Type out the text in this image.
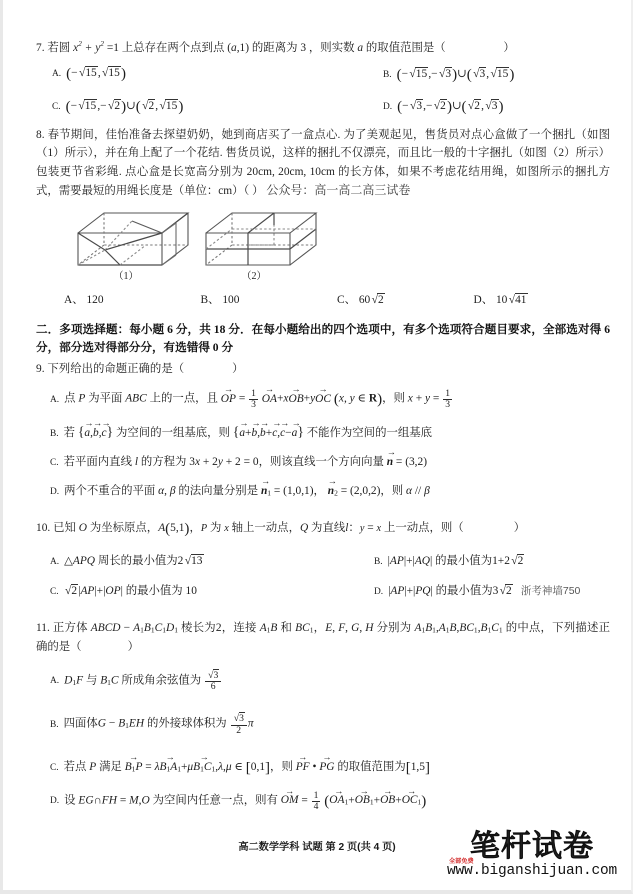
7. 若圆 $x^2 + y^2 =1$ 上总存在两个点到点 (a,1) 的距离为 3 ，则实数 a 的取值范围是（	）
A. (−√15,√15)	B. (−√15,−√3)∪(√3,√15)
C. (−√15,−√2)∪(√2,√15)	D. (−√3,−√2)∪(√2,√3)
8. 春节期间，佳怡准备去探望奶奶，她到商店买了一盒点心. 为了美观起见，售货员对点心盒做了一个捆扎（如图（1）所示），并在角上配了一个花结. 售货员说，这样的捆扎不仅漂亮，而且比一般的十字捆扎（如图（2）所示）包装更节省彩绳. 点心盒是长宽高分别为 20cm, 20cm, 10cm 的长方体，如果不考虑花结用绳，如图所示的捆扎方式，需要最短的用绳长度是（单位：cm）（ ） 公众号：高一高二高三试卷
（1）	（2）
A、 120	B、 100	C、 60√2	D、 10√41
二．多项选择题：每小题 6 分，共 18 分．在每小题给出的四个选项中，有多个选项符合题目要求，全部选对得 6 分，部分选对得部分分，有选错得 0 分
9. 下列给出的命题正确的是（	）
A. 点 P 为平面 ABC 上的一点，且 → OP = $\frac{1}{3} \to OA+x\to OB+y\to$ OC (x, y ∈ R)，则 $x + y = \frac{1}{3}$
B. 若 {→ a,→ b,→ c} 为空间的一组基底，则 {→ a+→ b,→ b+→ c,→ c−→ a} 不能作为空间的一组基底
C. 若平面内直线 l 的方程为 3x + 2y + 2 = 0，则该直线一个方向向量 → n = (3,2)
D. 两个不重合的平面 α, β 的法向量分别是 → n1 = (1,0,1)， → n2 = (2,0,2)，则 α // β
10. 已知 O 为坐标原点，A(5,1)，P 为 x 轴上一动点，Q 为直线l：y = x 上一动点，则（	）
A. △APQ 周长的最小值为2√13	B. |AP|+|AQ| 的最小值为1+2√2
C. √2|AP|+|OP| 的最小值为 10	D. |AP|+|PQ| 的最小值为3√2 浙考神墙750
11. 正方体 ABCD − A1B1C1D1 棱长为2，连接 A1B 和 BC1，E, F, G, H 分别为 A1B1,A1B,BC1,B1C1 的中点，下列描述正确的是（	）
A. D1F 与 B1C 所成角余弦值为 $\frac{√3}{6}$
B. 四面体G − B1EH 的外接球体积为 $\frac{√3}{2}$ π
C. 若点 P 满足 → B1P = λ→ B1A1+μ→ B1C1,λ,μ ∈ [0,1]，则 → PF • → PG 的取值范围为[1,5]
D. 设 EG∩FH = M,O 为空间内任意一点，则有 → OM = $\frac{1}{4}$ (→ OA1+→ OB1+→ OB+→ OC1)
高二数学学科 试题 第 2 页(共 4 页)	笔杆试卷
www.biganshijuan.com
全部免费
